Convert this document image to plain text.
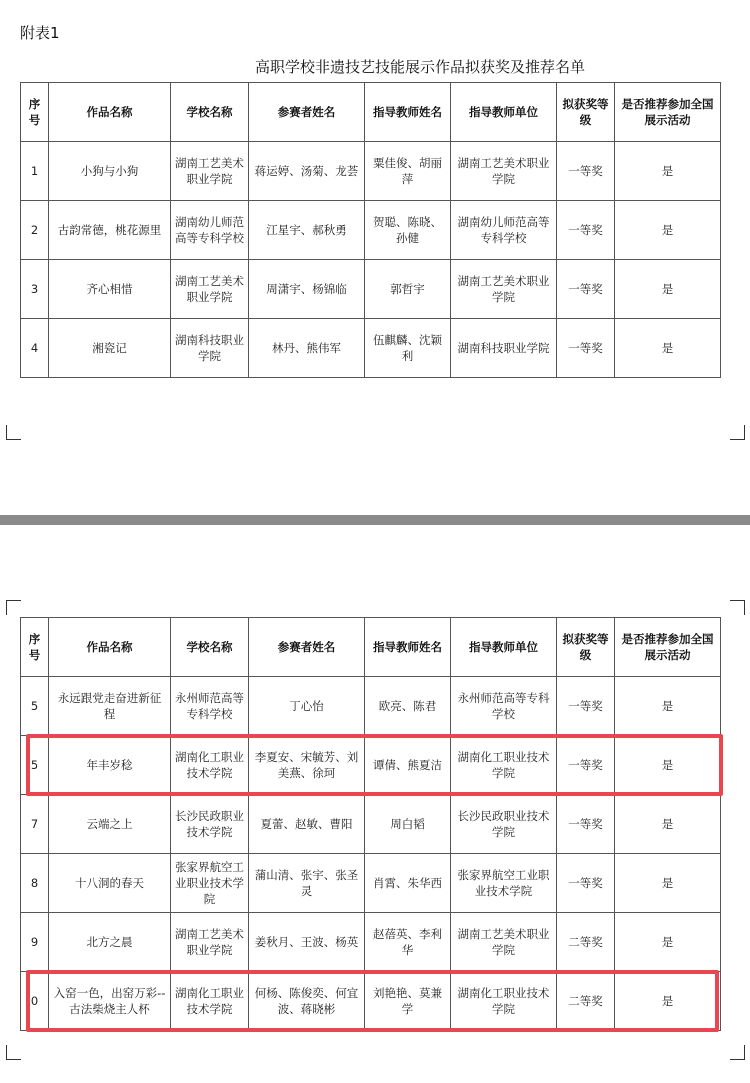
附表1
高职学校非遗技艺技能展示作品拟获奖及推荐名单
序号	作品名称	学校名称	参赛者姓名	指导教师姓名	指导教师单位	拟获奖等级	是否推荐参加全国展示活动
1	小狗与小狗	湖南工艺美术职业学院	蒋运婷、汤菊、龙荟	粟佳俊、胡丽萍	湖南工艺美术职业学院	一等奖	是
2	古韵常德，桃花源里	湖南幼儿师范高等专科学校	江星宇、郝秋勇	贺聪、陈晓、孙健	湖南幼儿师范高等专科学校	一等奖	是
3	齐心相惜	湖南工艺美术职业学院	周潇宇、杨锦临	郭哲宇	湖南工艺美术职业学院	一等奖	是
4	湘瓷记	湖南科技职业学院	林丹、熊伟军	伍麒麟、沈颖利	湖南科技职业学院	一等奖	是
序号	作品名称	学校名称	参赛者姓名	指导教师姓名	指导教师单位	拟获奖等级	是否推荐参加全国展示活动
5	永远跟党走奋进新征程	永州师范高等专科学校	丁心怡	欧亮、陈君	永州师范高等专科学校	一等奖	是
5	年丰岁稔	湖南化工职业技术学院	李夏安、宋毓芳、刘美燕、徐珂	谭倩、熊夏洁	湖南化工职业技术学院	一等奖	是
7	云端之上	长沙民政职业技术学院	夏蕾、赵敏、曹阳	周白韬	长沙民政职业技术学院	一等奖	是
8	十八洞的春天	张家界航空工业职业技术学院	蒲山清、张宇、张圣灵	肖霄、朱华西	张家界航空工业职业技术学院	一等奖	是
9	北方之晨	湖南工艺美术职业学院	姜秋月、王波、杨英	赵蓓英、李利华	湖南工艺美术职业学院	二等奖	是
0	入窑一色，出窑万彩--古法柴烧主人杯	湖南化工职业技术学院	何杨、陈俊奕、何宜波、蒋晓彬	刘艳艳、莫兼学	湖南化工职业技术学院	二等奖	是
